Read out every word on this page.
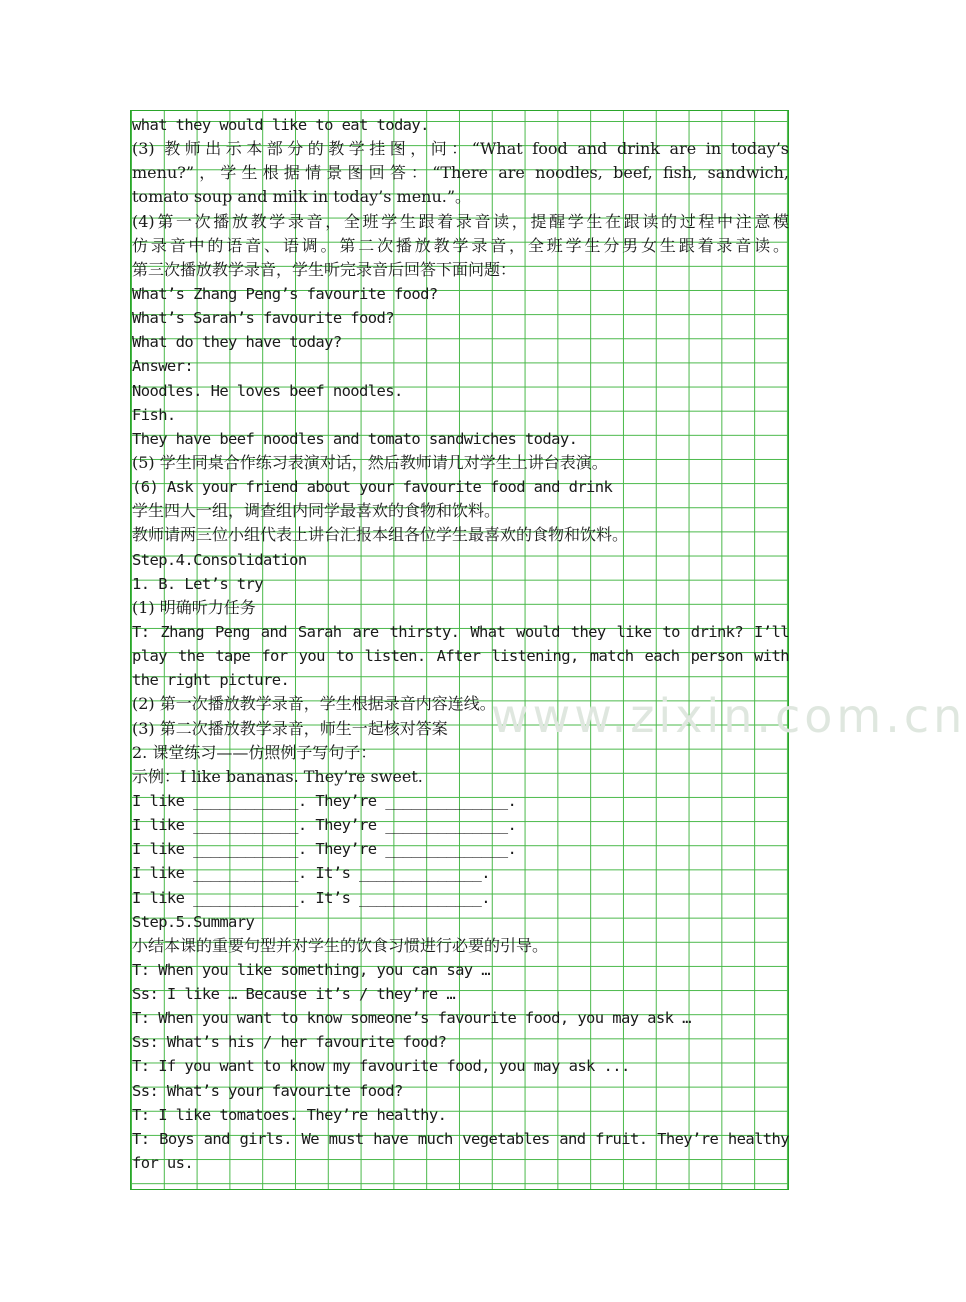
www.zixin.com.cn
what they would like to eat today.
(3) 教师出示本部分的教学挂图，问：“What food and drink are in today’s
menu?”，学生根据情景图回答：“There are noodles, beef, fish, sandwich,
tomato soup and milk in today’s menu.”。
(4)第一次播放教学录音，全班学生跟着录音读，提醒学生在跟读的过程中注意模
仿录音中的语音、语调。第二次播放教学录音，全班学生分男女生跟着录音读。
第三次播放教学录音，学生听完录音后回答下面问题：
What’s Zhang Peng’s favourite food?
What’s Sarah’s favourite food?
What do they have today?
Answer:
Noodles. He loves beef noodles.
Fish.
They have beef noodles and tomato sandwiches today.
(5) 学生同桌合作练习表演对话，然后教师请几对学生上讲台表演。
(6) Ask your friend about your favourite food and drink
学生四人一组，调查组内同学最喜欢的食物和饮料。
教师请两三位小组代表上讲台汇报本组各位学生最喜欢的食物和饮料。
Step.4.Consolidation
1. B. Let’s try
(1) 明确听力任务
T: Zhang Peng and Sarah are thirsty. What would they like to drink? I’ll
play the tape for you to listen. After listening, match each person with
the right picture.
(2) 第一次播放教学录音，学生根据录音内容连线。
(3) 第二次播放教学录音，师生一起核对答案
2. 课堂练习——仿照例子写句子：
示例：I like bananas. They’re sweet.
I like ____________. They’re ______________.
I like ____________. They’re ______________.
I like ____________. They’re ______________.
I like ____________. It’s ______________.
I like ____________. It’s ______________.
Step.5.Summary
小结本课的重要句型并对学生的饮食习惯进行必要的引导。
T: When you like something, you can say …
Ss: I like … Because it’s / they’re …
T: When you want to know someone’s favourite food, you may ask …
Ss: What’s his / her favourite food?
T: If you want to know my favourite food, you may ask ...
Ss: What’s your favourite food?
T: I like tomatoes. They’re healthy.
T: Boys and girls. We must have much vegetables and fruit. They’re healthy
for us.
